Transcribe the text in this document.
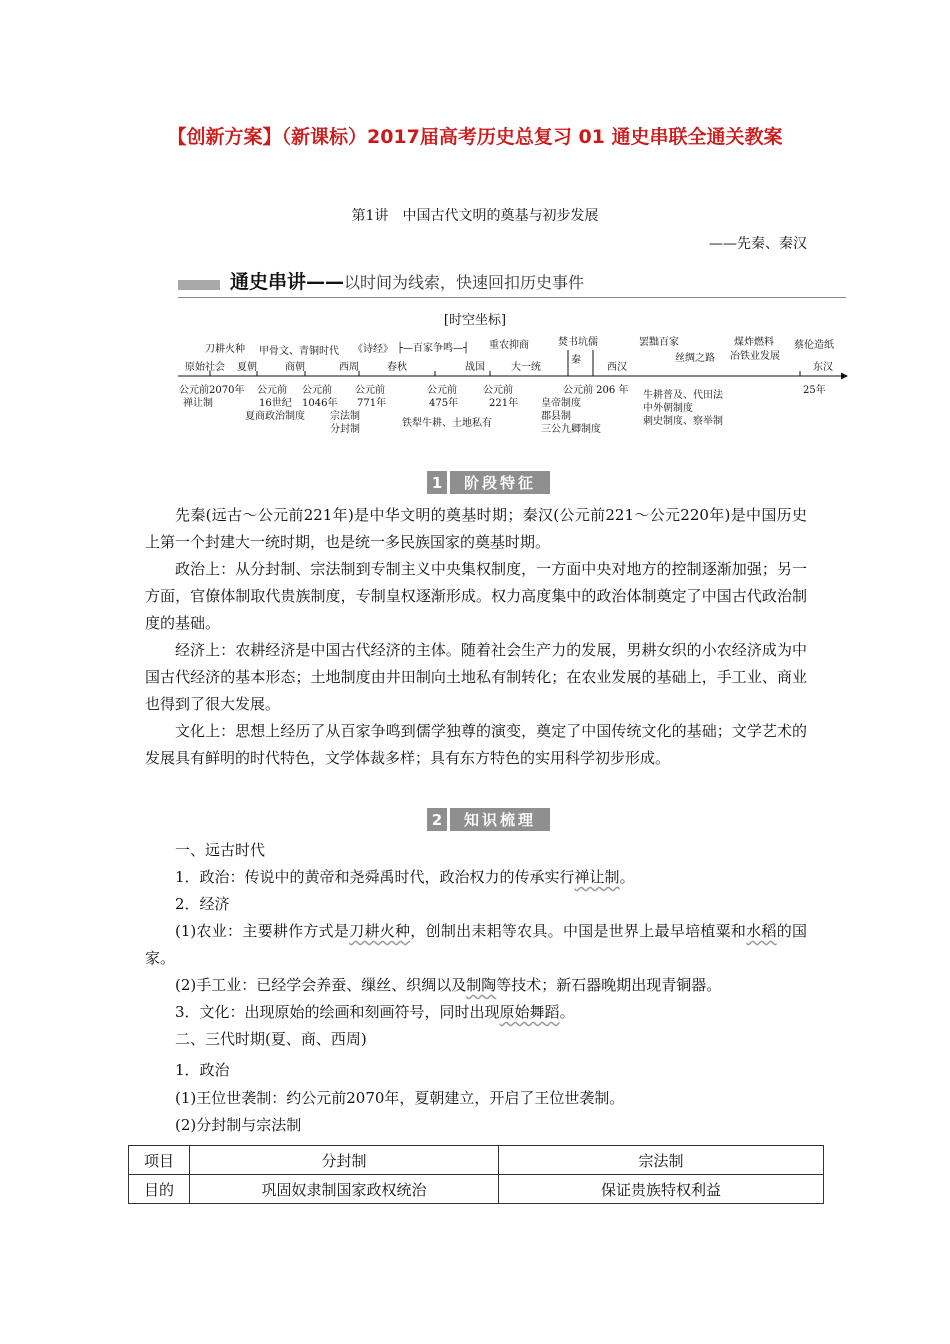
【创新方案】（新课标）2017届高考历史总复习 01 通史串联全通关教案
第1讲　中国古代文明的奠基与初步发展
——先秦、秦汉
通史串讲——以时间为线索，快速回扣历史事件
[时空坐标]
刀耕火种 甲骨文、青铜时代 《诗经》 ├—百家争鸣—┤ 重农抑商	焚书坑儒	罢黜百家
丝绸之路
煤炸燃料
冶铁业发展
蔡伦造纸
原始社会 夏朝	商朝	西周	春秋	战国	大一统
秦
西汉	东汉
公元前2070年 公元前
16世纪
公元前
1046年
公元前
771年
公元前
475年
公元前
221年
公元前 206 年	25年
禅让制
夏商政治制度	宗法制
分封制
铁犁牛耕、土地私有
皇帝制度
郡县制
三公九卿制度
牛耕普及、代田法
中外朝制度
刺史制度、察举制
1	阶段特征

先秦(远古～公元前221年)是中华文明的奠基时期；秦汉(公元前221～公元220年)是中国历史上第一个封建大一统时期，也是统一多民族国家的奠基时期。

政治上：从分封制、宗法制到专制主义中央集权制度，一方面中央对地方的控制逐渐加强；另一方面，官僚体制取代贵族制度，专制皇权逐渐形成。权力高度集中的政治体制奠定了中国古代政治制度的基础。

经济上：农耕经济是中国古代经济的主体。随着社会生产力的发展，男耕女织的小农经济成为中国古代经济的基本形态；土地制度由井田制向土地私有制转化；在农业发展的基础上，手工业、商业也得到了很大发展。

文化上：思想上经历了从百家争鸣到儒学独尊的演变，奠定了中国传统文化的基础；文学艺术的发展具有鲜明的时代特色，文学体裁多样；具有东方特色的实用科学初步形成。

2	知识梳理

一、远古时代

1．政治：传说中的黄帝和尧舜禹时代，政治权力的传承实行禅让制。

2．经济

(1)农业：主要耕作方式是刀耕火种，创制出耒耜等农具。中国是世界上最早培植粟和水稻的国家。

(2)手工业：已经学会养蚕、缫丝、织绸以及制陶等技术；新石器晚期出现青铜器。

3．文化：出现原始的绘画和刻画符号，同时出现原始舞蹈。

二、三代时期(夏、商、西周)

1．政治

(1)王位世袭制：约公元前2070年，夏朝建立，开启了王位世袭制。

(2)分封制与宗法制

项目	分封制	宗法制
目的	巩固奴隶制国家政权统治	保证贵族特权利益
